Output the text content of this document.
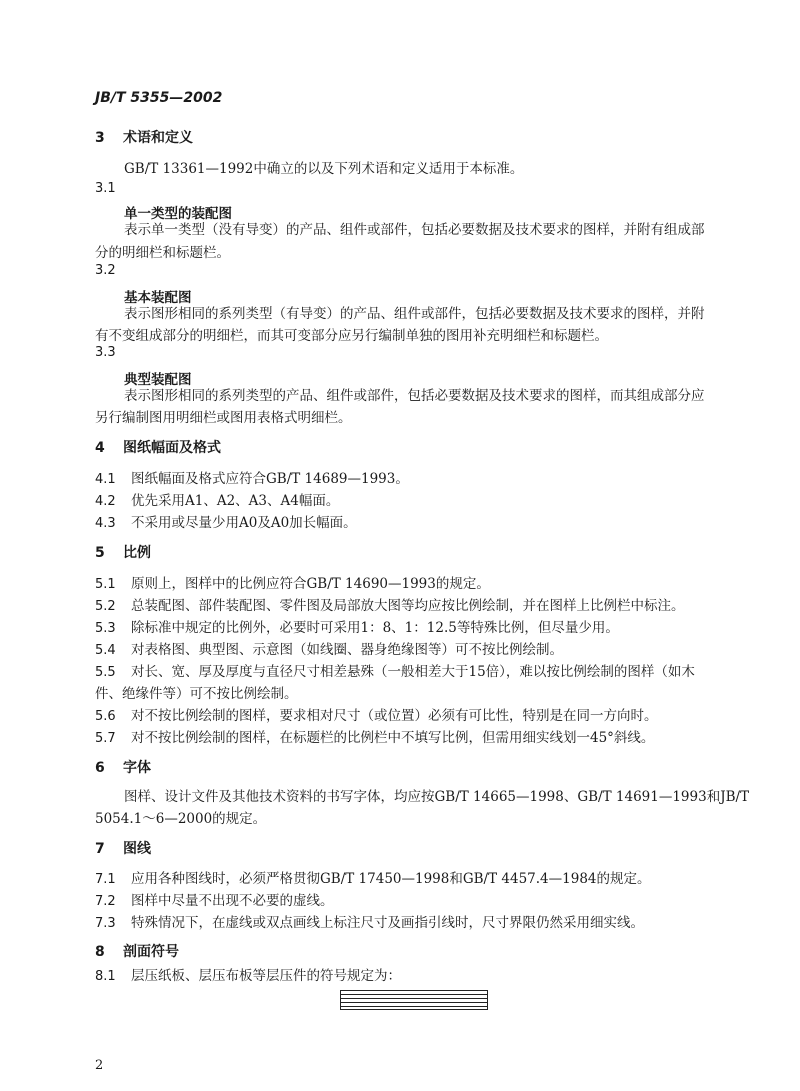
JB/T 5355—2002
3 术语和定义
GB/T 13361—1992中确立的以及下列术语和定义适用于本标准。
3.1
单一类型的装配图
表示单一类型（没有导变）的产品、组件或部件，包括必要数据及技术要求的图样，并附有组成部
分的明细栏和标题栏。
3.2
基本装配图
表示图形相同的系列类型（有导变）的产品、组件或部件，包括必要数据及技术要求的图样，并附
有不变组成部分的明细栏，而其可变部分应另行编制单独的图用补充明细栏和标题栏。
3.3
典型装配图
表示图形相同的系列类型的产品、组件或部件，包括必要数据及技术要求的图样，而其组成部分应
另行编制图用明细栏或图用表格式明细栏。
4 图纸幅面及格式
4.1 图纸幅面及格式应符合GB/T 14689—1993。
4.2 优先采用A1、A2、A3、A4幅面。
4.3 不采用或尽量少用A0及A0加长幅面。
5 比例
5.1 原则上，图样中的比例应符合GB/T 14690—1993的规定。
5.2 总装配图、部件装配图、零件图及局部放大图等均应按比例绘制，并在图样上比例栏中标注。
5.3 除标准中规定的比例外，必要时可采用1：8、1：12.5等特殊比例，但尽量少用。
5.4 对表格图、典型图、示意图（如线圈、器身绝缘图等）可不按比例绘制。
5.5 对长、宽、厚及厚度与直径尺寸相差悬殊（一般相差大于15倍），难以按比例绘制的图样（如木
件、绝缘件等）可不按比例绘制。
5.6 对不按比例绘制的图样，要求相对尺寸（或位置）必须有可比性，特别是在同一方向时。
5.7 对不按比例绘制的图样，在标题栏的比例栏中不填写比例，但需用细实线划一45°斜线。
6 字体
图样、设计文件及其他技术资料的书写字体，均应按GB/T 14665—1998、GB/T 14691—1993和JB/T
5054.1～6—2000的规定。
7 图线
7.1 应用各种图线时，必须严格贯彻GB/T 17450—1998和GB/T 4457.4—1984的规定。
7.2 图样中尽量不出现不必要的虚线。
7.3 特殊情况下，在虚线或双点画线上标注尺寸及画指引线时，尺寸界限仍然采用细实线。
8 剖面符号
8.1 层压纸板、层压布板等层压件的符号规定为：
2
